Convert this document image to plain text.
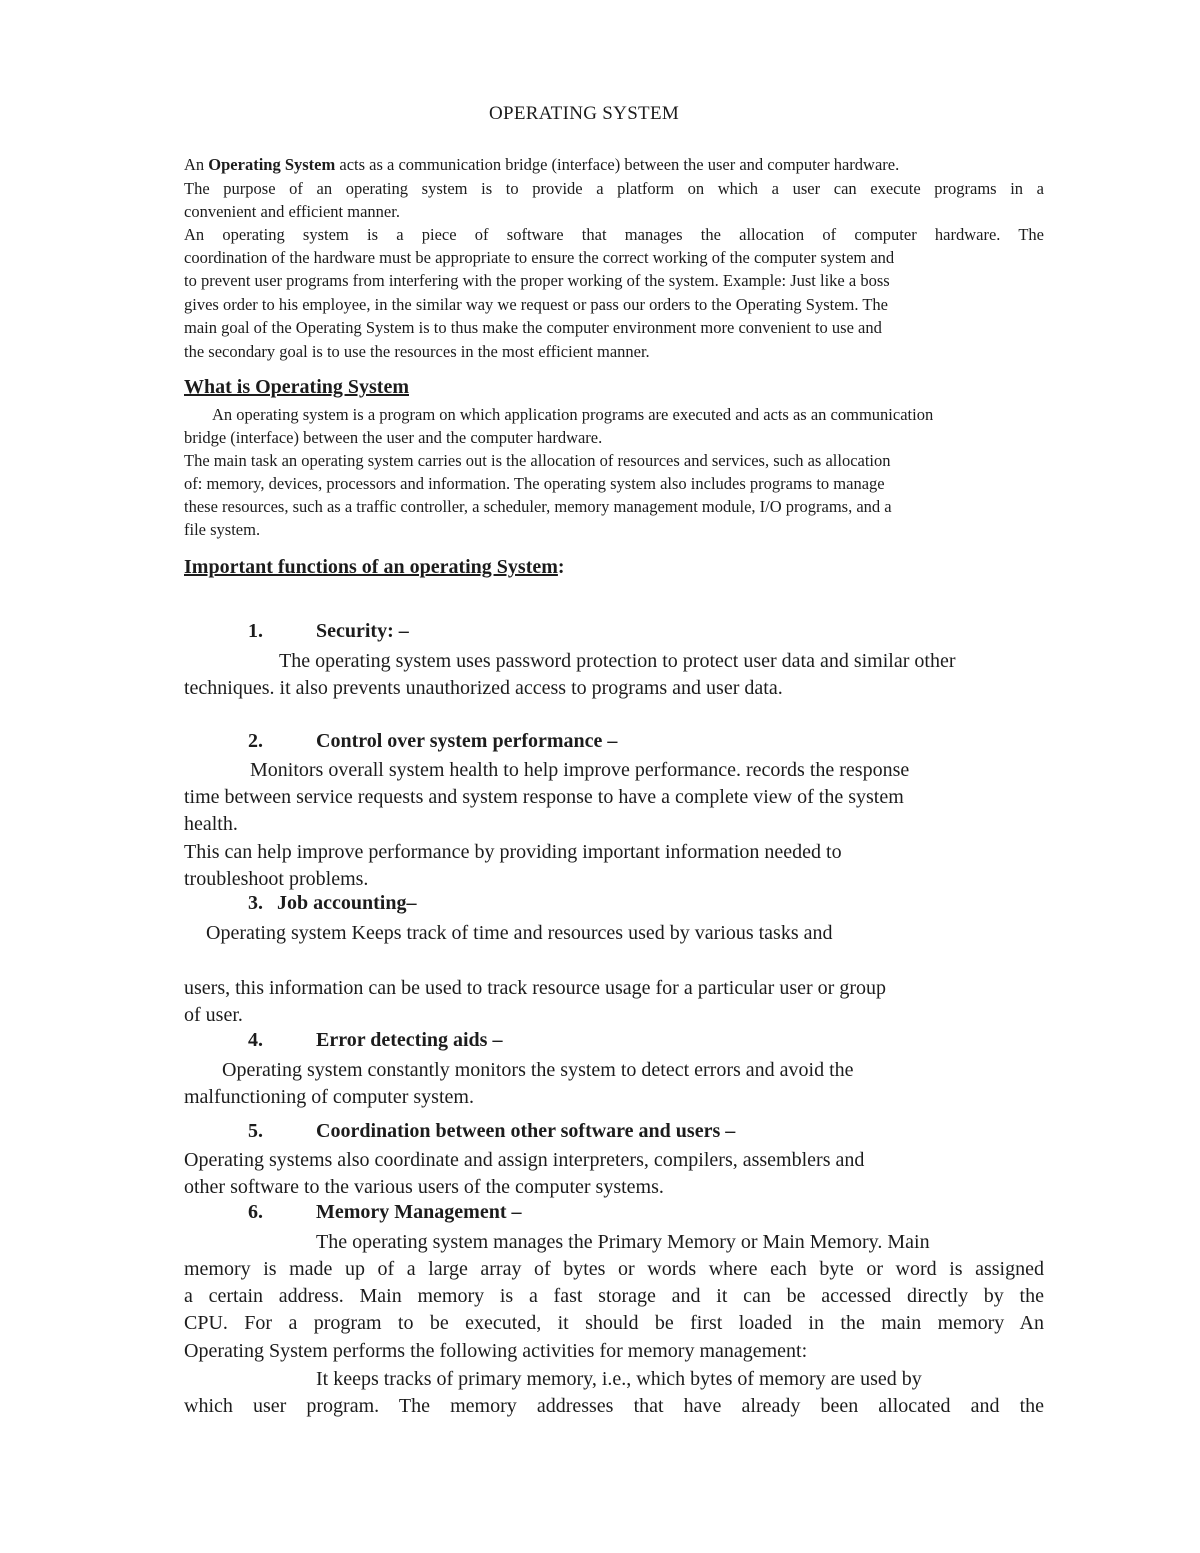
OPERATING SYSTEM
An Operating System acts as a communication bridge (interface) between the user and computer hardware.
The purpose of an operating system is to provide a platform on which a user can execute programs in a
convenient and efficient manner.
An operating system is a piece of software that manages the allocation of computer hardware. The
coordination of the hardware must be appropriate to ensure the correct working of the computer system and
to prevent user programs from interfering with the proper working of the system. Example: Just like a boss
gives order to his employee, in the similar way we request or pass our orders to the Operating System. The
main goal of the Operating System is to thus make the computer environment more convenient to use and
the secondary goal is to use the resources in the most efficient manner.
What is Operating System
An operating system is a program on which application programs are executed and acts as an communication
bridge (interface) between the user and the computer hardware.
The main task an operating system carries out is the allocation of resources and services, such as allocation
of: memory, devices, processors and information. The operating system also includes programs to manage
these resources, such as a traffic controller, a scheduler, memory management module, I/O programs, and a
file system.
Important functions of an operating System:
1.	Security: –
The operating system uses password protection to protect user data and similar other
techniques. it also prevents unauthorized access to programs and user data.
2.	Control over system performance –
Monitors overall system health to help improve performance. records the response
time between service requests and system response to have a complete view of the system
health.
This can help improve performance by providing important information needed to
troubleshoot problems.
3. Job accounting–
Operating system Keeps track of time and resources used by various tasks and
users, this information can be used to track resource usage for a particular user or group
of user.
4.	Error detecting aids –
Operating system constantly monitors the system to detect errors and avoid the
malfunctioning of computer system.
5.	Coordination between other software and users –
Operating systems also coordinate and assign interpreters, compilers, assemblers and
other software to the various users of the computer systems.
6.	Memory Management –
The operating system manages the Primary Memory or Main Memory. Main
memory is made up of a large array of bytes or words where each byte or word is assigned
a certain address. Main memory is a fast storage and it can be accessed directly by the
CPU. For a program to be executed, it should be first loaded in the main memory An
Operating System performs the following activities for memory management:
It keeps tracks of primary memory, i.e., which bytes of memory are used by
which user program. The memory addresses that have already been allocated and the
